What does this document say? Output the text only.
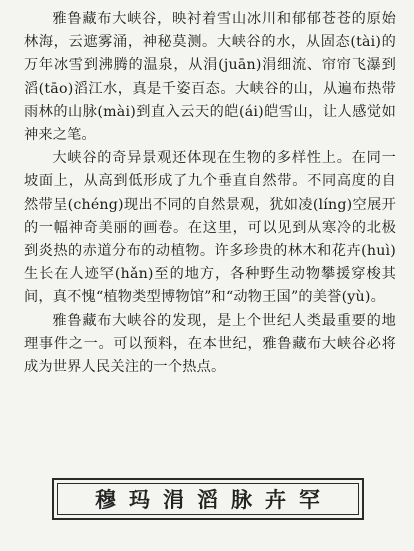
雅鲁藏布大峡谷，映衬着雪山冰川和郁郁苍苍的原始林海，云遮雾涌，神秘莫测。大峡谷的水，从固态(tài)的万年冰雪到沸腾的温泉，从涓(juān)涓细流、帘帘飞瀑到滔(tāo)滔江水，真是千姿百态。大峡谷的山，从遍布热带雨林的山脉(mài)到直入云天的皑(ái)皑雪山，让人感觉如神来之笔。

大峡谷的奇异景观还体现在生物的多样性上。在同一坡面上，从高到低形成了九个垂直自然带。不同高度的自然带呈(chéng)现出不同的自然景观，犹如凌(líng)空展开的一幅神奇美丽的画卷。在这里，可以见到从寒冷的北极到炎热的赤道分布的动植物。许多珍贵的林木和花卉(huì)生长在人迹罕(hǎn)至的地方，各种野生动物攀援穿梭其间，真不愧“植物类型博物馆”和“动物王国”的美誉(yù)。

雅鲁藏布大峡谷的发现，是上个世纪人类最重要的地理事件之一。可以预料，在本世纪，雅鲁藏布大峡谷必将成为世界人民关注的一个热点。

穆 玛 涓 滔 脉 卉 罕
